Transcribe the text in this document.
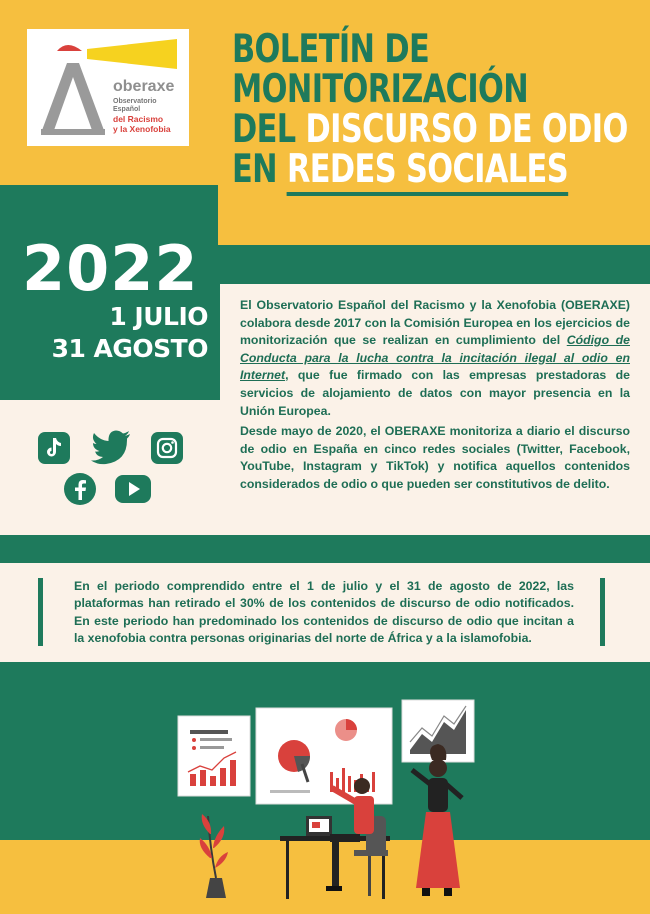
oberaxe
Observatorio
Español
del Racismo
y la Xenofobia
BOLETÍN DE
MONITORIZACIÓN
DEL DISCURSO DE ODIO
EN REDES SOCIALES
2022
1 JULIO
31 AGOSTO

El Observatorio Español del Racismo y la Xenofobia (OBERAXE) colabora desde 2017 con la Comisión Europea en los ejercicios de monitorización que se realizan en cumplimiento del Código de Conducta para la lucha contra la incitación ilegal al odio en Internet, que fue firmado con las empresas prestadoras de servicios de alojamiento de datos con mayor presencia en la Unión Europea.

Desde mayo de 2020, el OBERAXE monitoriza a diario el discurso de odio en España en cinco redes sociales (Twitter, Facebook, YouTube, Instagram y TikTok) y notifica aquellos contenidos considerados de odio o que pueden ser constitutivos de delito.

En el periodo comprendido entre el 1 de julio y el 31 de agosto de 2022, las plataformas han retirado el 30% de los contenidos de discurso de odio notificados. En este periodo han predominado los contenidos de discurso de odio que incitan a la xenofobia contra personas originarias del norte de África y a la islamofobia.
